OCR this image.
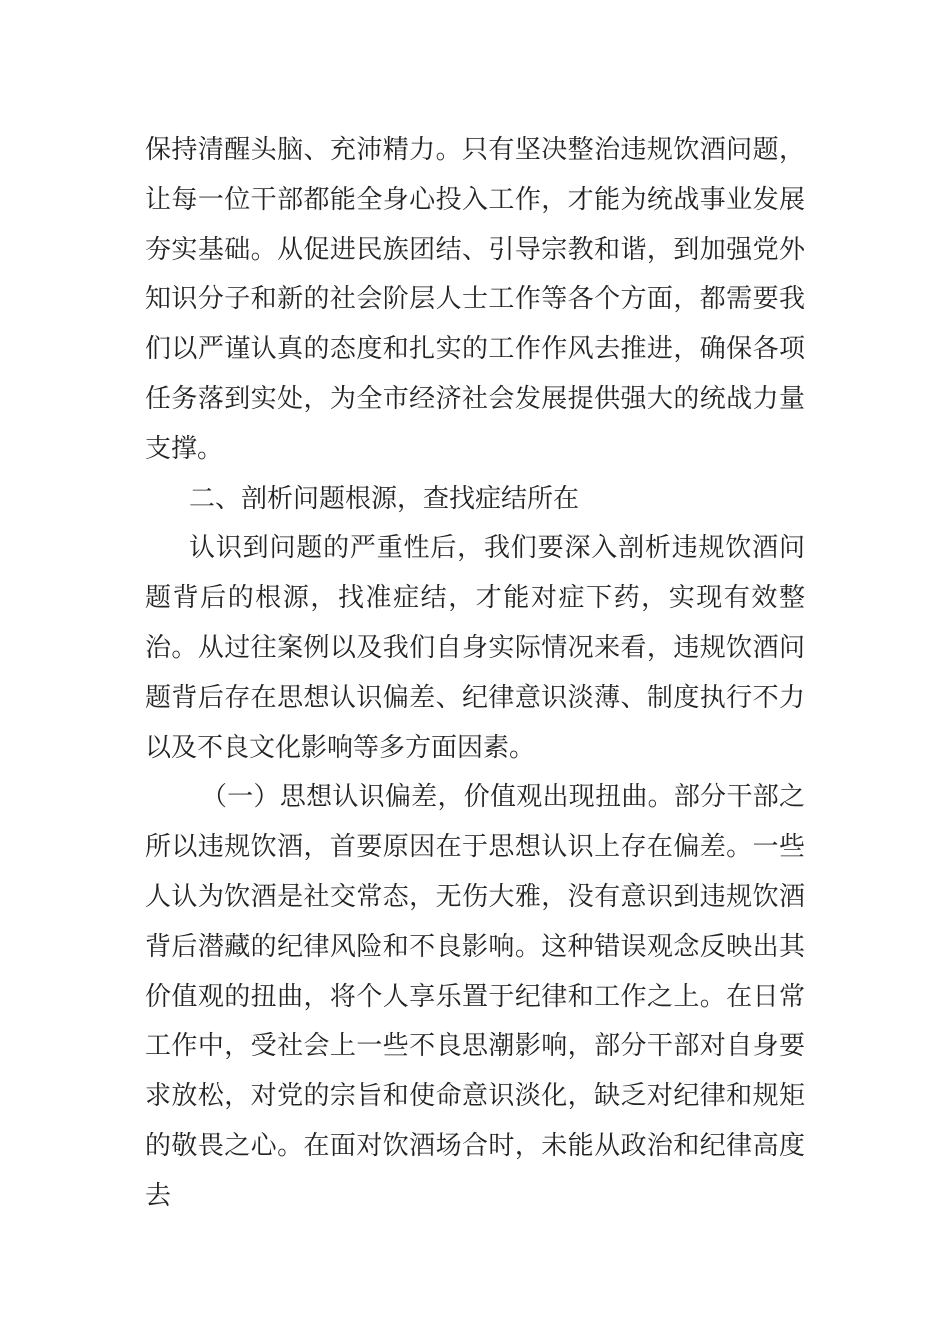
保持清醒头脑、充沛精力。只有坚决整治违规饮酒问题，让每一位干部都能全身心投入工作，才能为统战事业发展夯实基础。从促进民族团结、引导宗教和谐，到加强党外知识分子和新的社会阶层人士工作等各个方面，都需要我们以严谨认真的态度和扎实的工作作风去推进，确保各项任务落到实处，为全市经济社会发展提供强大的统战力量支撑。

二、剖析问题根源，查找症结所在

认识到问题的严重性后，我们要深入剖析违规饮酒问题背后的根源，找准症结，才能对症下药，实现有效整治。从过往案例以及我们自身实际情况来看，违规饮酒问题背后存在思想认识偏差、纪律意识淡薄、制度执行不力以及不良文化影响等多方面因素。

（一）思想认识偏差，价值观出现扭曲。部分干部之所以违规饮酒，首要原因在于思想认识上存在偏差。一些人认为饮酒是社交常态，无伤大雅，没有意识到违规饮酒背后潜藏的纪律风险和不良影响。这种错误观念反映出其价值观的扭曲，将个人享乐置于纪律和工作之上。在日常工作中，受社会上一些不良思潮影响，部分干部对自身要求放松，对党的宗旨和使命意识淡化，缺乏对纪律和规矩的敬畏之心。在面对饮酒场合时，未能从政治和纪律高度去
